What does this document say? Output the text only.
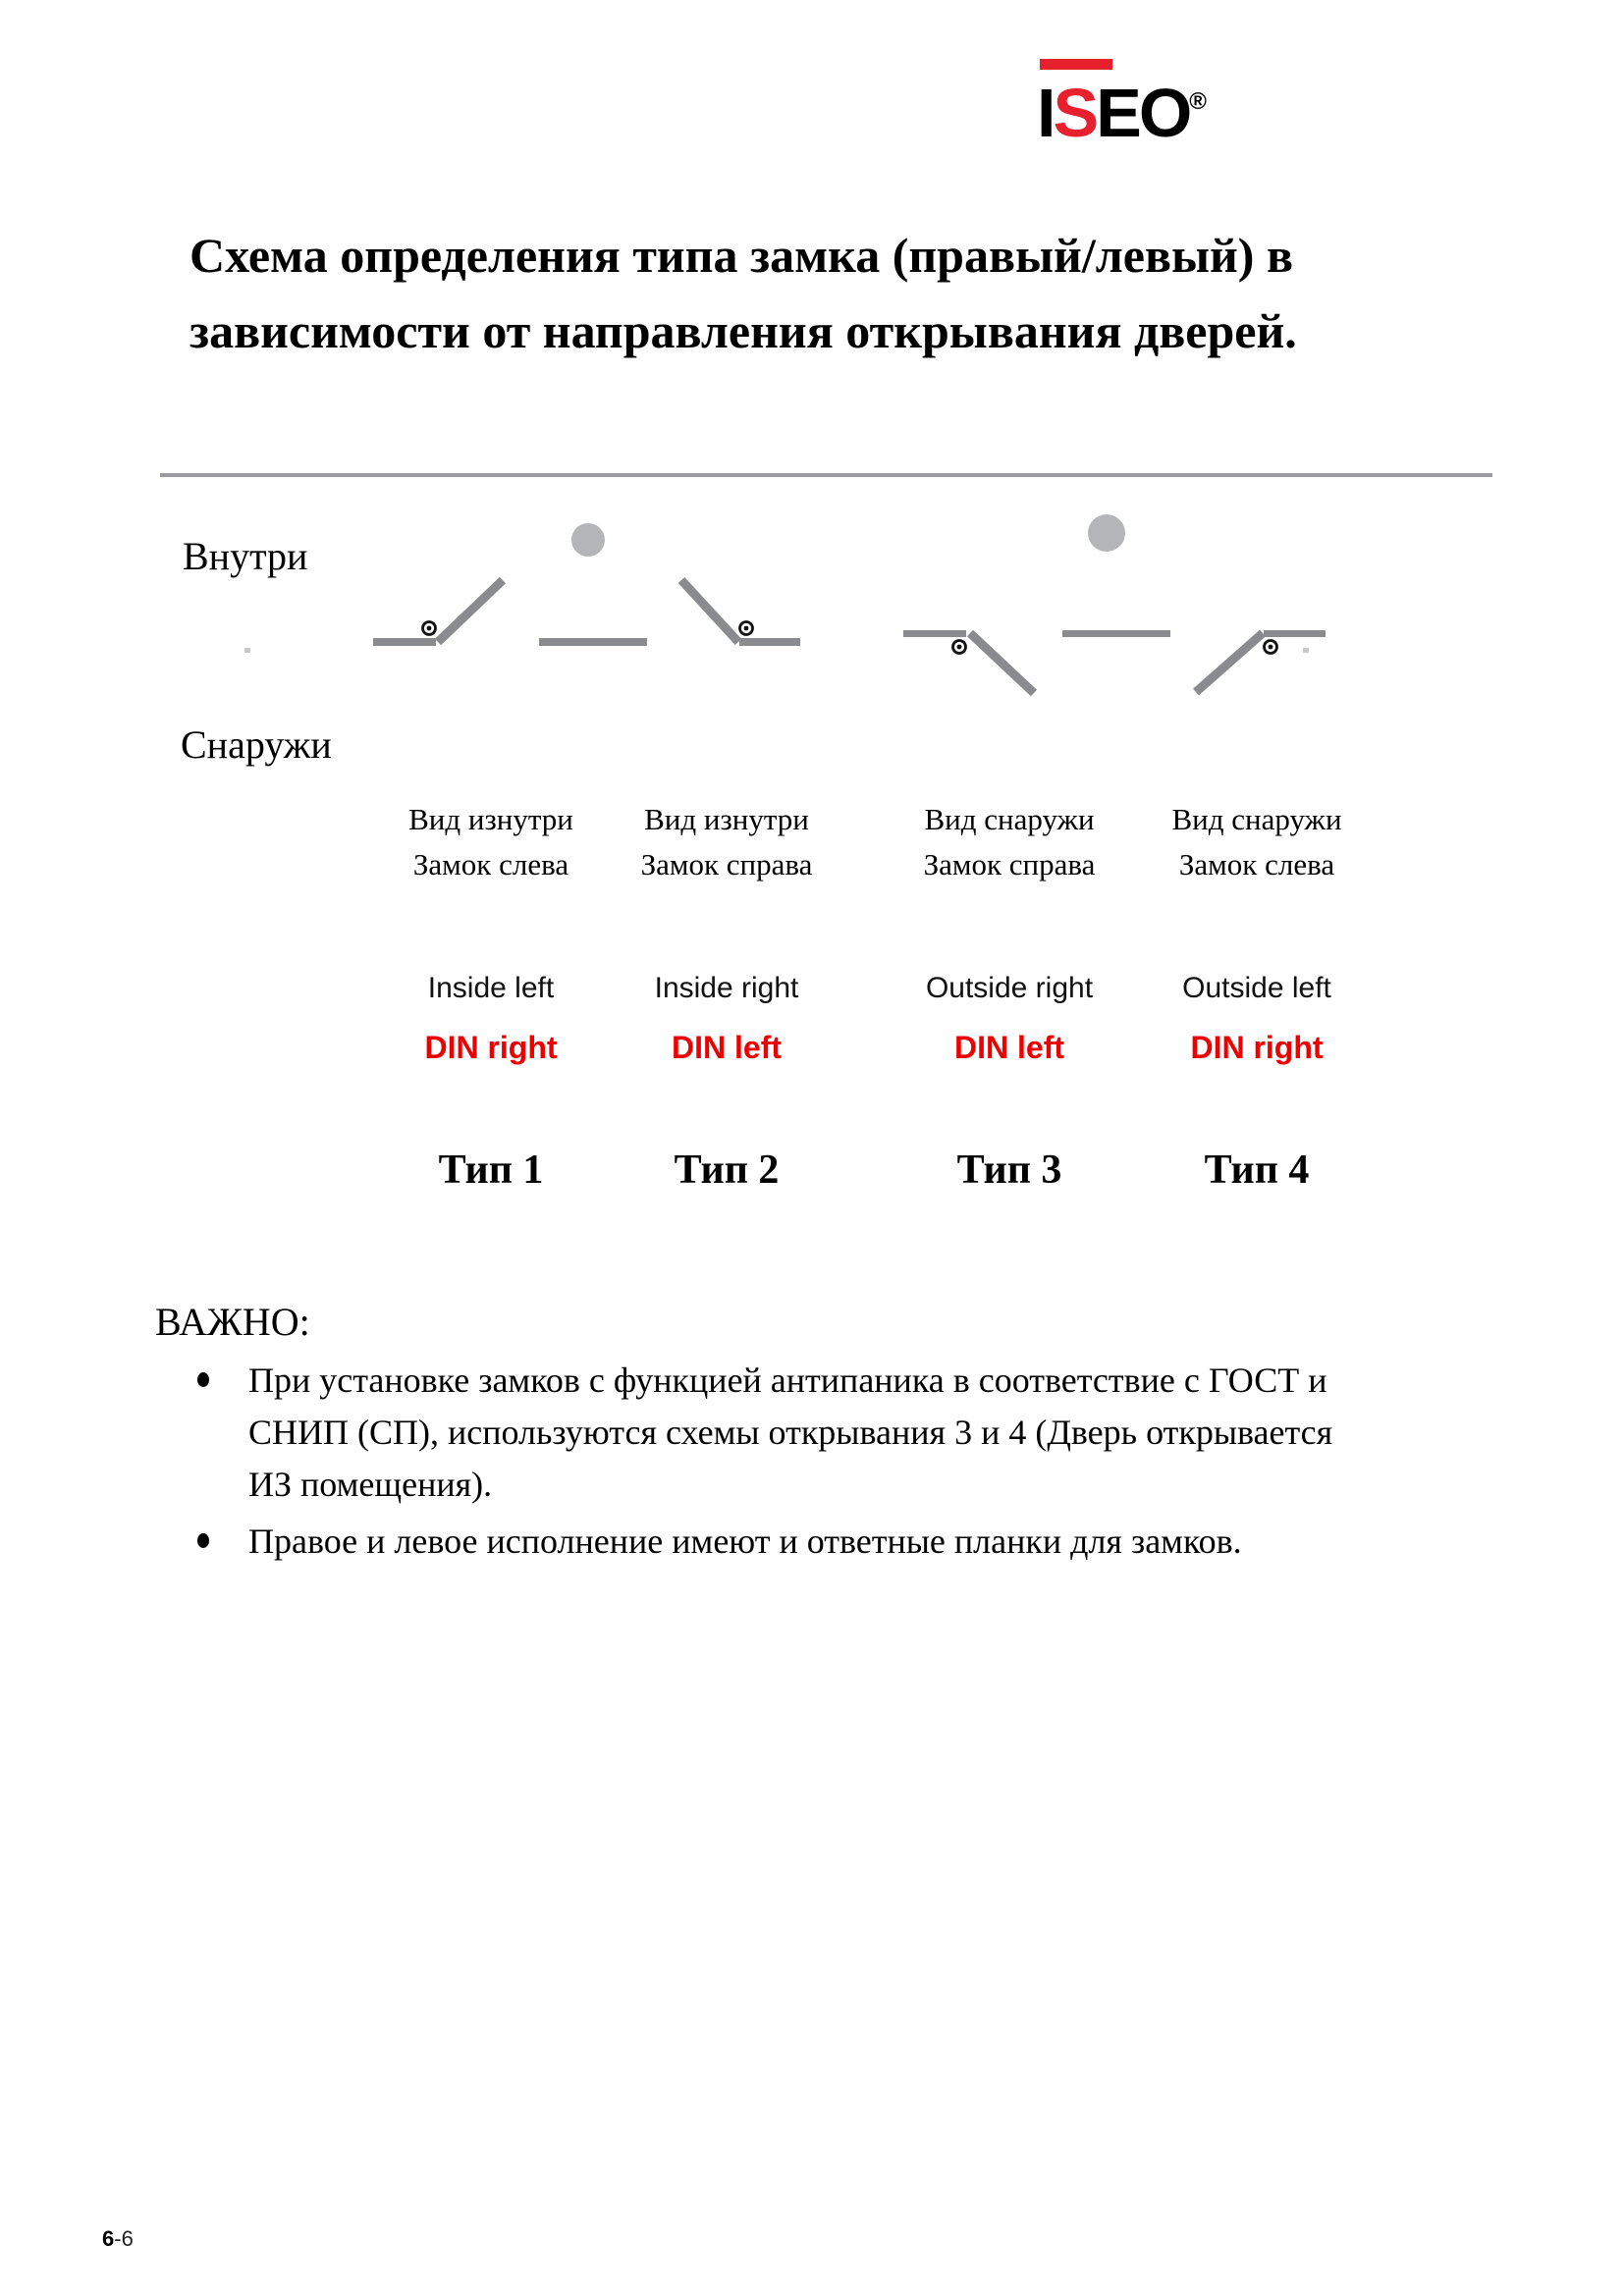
ISEO®
Схема определения типа замка (правый/левый) в
зависимости от направления открывания дверей.
Внутри
Снаружи
Вид изнутри
Замок слева
Inside left
DIN right
Тип 1
Вид изнутри
Замок справа
Inside right
DIN left
Тип 2
Вид снаружи
Замок справа
Outside right
DIN left
Тип 3
Вид снаружи
Замок слева
Outside left
DIN right
Тип 4
ВАЖНО:
При установке замков с функцией антипаника в соответствие с ГОСТ и
СНИП (СП), используются схемы открывания 3 и 4 (Дверь открывается
ИЗ помещения).
Правое и левое исполнение имеют и ответные планки для замков.
6-6
